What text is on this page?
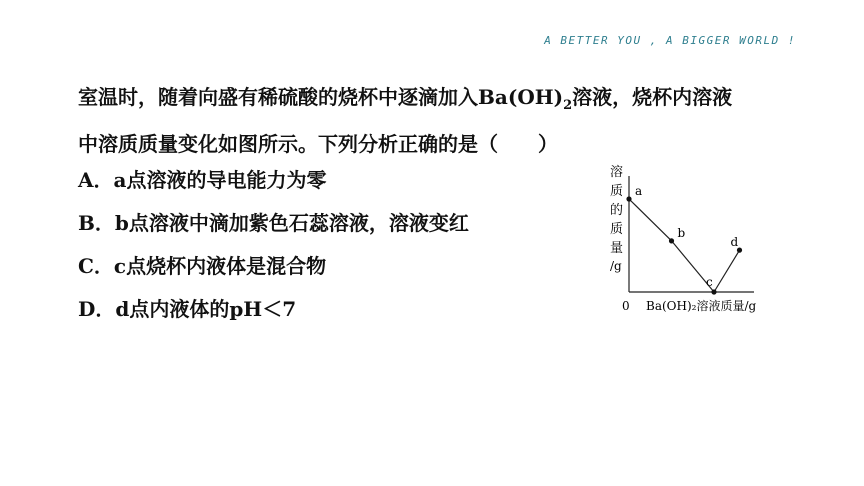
A BETTER YOU , A BIGGER WORLD !
室温时，随着向盛有稀硫酸的烧杯中逐滴加入$Ba(OH)_2$溶液，烧杯内溶液
中溶质质量变化如图所示。下列分析正确的是（　　）
A．a点溶液的导电能力为零
B．b点溶液中滴加紫色石蕊溶液，溶液变红
C．c点烧杯内液体是混合物
D．d点内液体的pH＜7
溶
质
的
质
量
/g
0 Ba(OH)₂溶液质量/g
a
b
c
d
